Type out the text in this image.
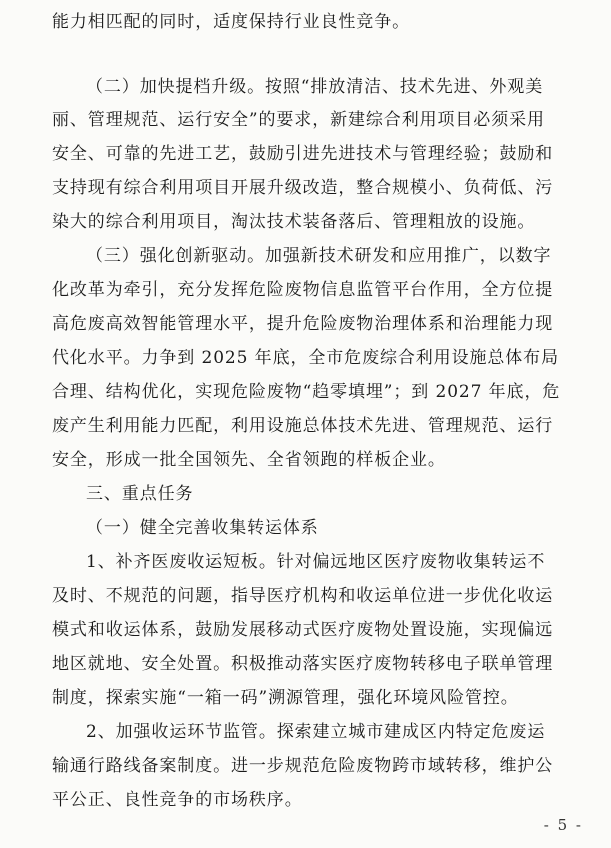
能力相匹配的同时，适度保持行业良性竞争。
（二）加快提档升级。按照“排放清洁、技术先进、外观美
丽、管理规范、运行安全”的要求，新建综合利用项目必须采用
安全、可靠的先进工艺，鼓励引进先进技术与管理经验；鼓励和
支持现有综合利用项目开展升级改造，整合规模小、负荷低、污
染大的综合利用项目，淘汰技术装备落后、管理粗放的设施。
（三）强化创新驱动。加强新技术研发和应用推广，以数字
化改革为牵引，充分发挥危险废物信息监管平台作用，全方位提
高危废高效智能管理水平，提升危险废物治理体系和治理能力现
代化水平。力争到 2025 年底，全市危废综合利用设施总体布局
合理、结构优化，实现危险废物“趋零填埋”；到 2027 年底，危
废产生利用能力匹配，利用设施总体技术先进、管理规范、运行
安全，形成一批全国领先、全省领跑的样板企业。
三、重点任务
（一）健全完善收集转运体系
1、补齐医废收运短板。针对偏远地区医疗废物收集转运不
及时、不规范的问题，指导医疗机构和收运单位进一步优化收运
模式和收运体系，鼓励发展移动式医疗废物处置设施，实现偏远
地区就地、安全处置。积极推动落实医疗废物转移电子联单管理
制度，探索实施“一箱一码”溯源管理，强化环境风险管控。
2、加强收运环节监管。探索建立城市建成区内特定危废运
输通行路线备案制度。进一步规范危险废物跨市域转移，维护公
平公正、良性竞争的市场秩序。
- 5 -
